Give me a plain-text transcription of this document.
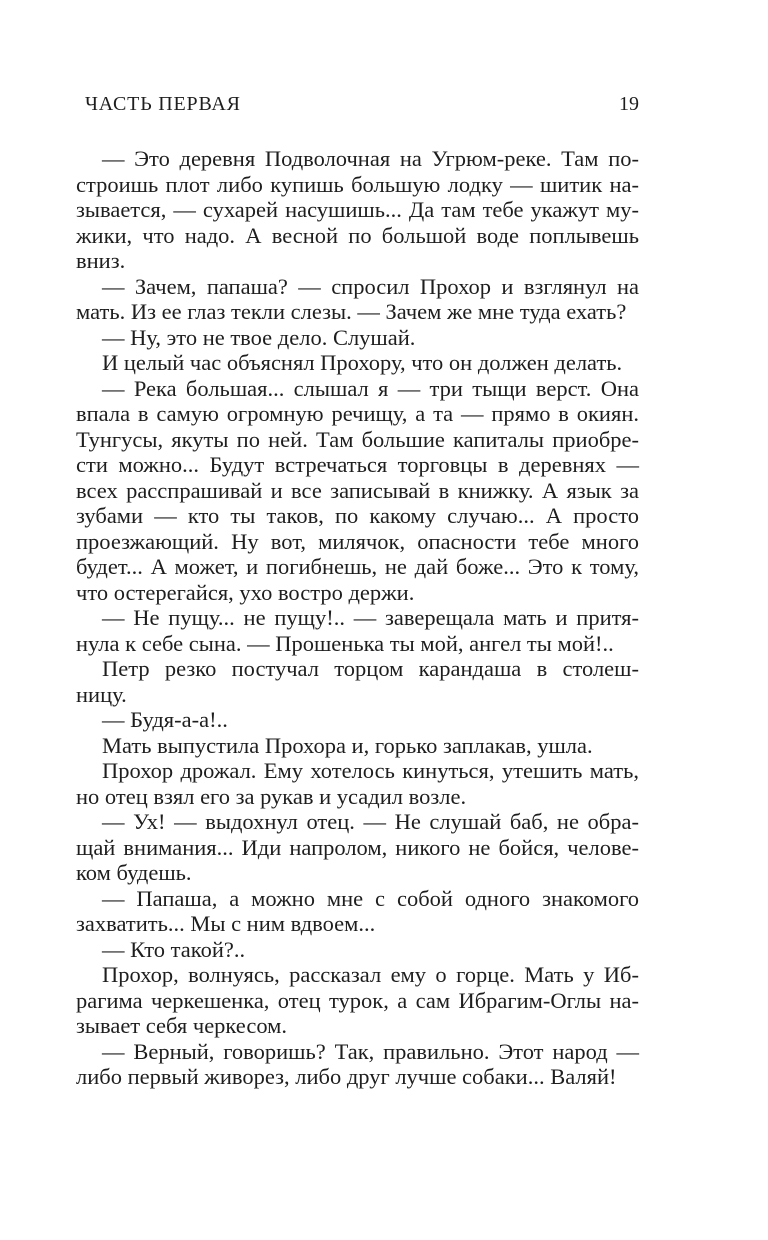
ЧАСТЬ ПЕРВАЯ	19
— Это деревня Подволочная на Угрюм-реке. Там по-
строишь плот либо купишь большую лодку — шитик на-
зывается, — сухарей насушишь... Да там тебе укажут му-
жики, что надо. А весной по большой воде поплывешь
вниз.
— Зачем, папаша? — спросил Прохор и взглянул на
мать. Из ее глаз текли слезы. — Зачем же мне туда ехать?
— Ну, это не твое дело. Слушай.
И целый час объяснял Прохору, что он должен делать.
— Река большая... слышал я — три тыщи верст. Она
впала в самую огромную речищу, а та — прямо в окиян.
Тунгусы, якуты по ней. Там большие капиталы приобре-
сти можно... Будут встречаться торговцы в деревнях —
всех расспрашивай и все записывай в книжку. А язык за
зубами — кто ты таков, по какому случаю... А просто
проезжающий. Ну вот, милячок, опасности тебе много
будет... А может, и погибнешь, не дай боже... Это к тому,
что остерегайся, ухо востро держи.
— Не пущу... не пущу!.. — заверещала мать и притя-
нула к себе сына. — Прошенька ты мой, ангел ты мой!..
Петр резко постучал торцом карандаша в столеш-
ницу.
— Будя-а-а!..
Мать выпустила Прохора и, горько заплакав, ушла.
Прохор дрожал. Ему хотелось кинуться, утешить мать,
но отец взял его за рукав и усадил возле.
— Ух! — выдохнул отец. — Не слушай баб, не обра-
щай внимания... Иди напролом, никого не бойся, челове-
ком будешь.
— Папаша, а можно мне с собой одного знакомого
захватить... Мы с ним вдвоем...
— Кто такой?..
Прохор, волнуясь, рассказал ему о горце. Мать у Иб-
рагима черкешенка, отец турок, а сам Ибрагим-Оглы на-
зывает себя черкесом.
— Верный, говоришь? Так, правильно. Этот народ —
либо первый живорез, либо друг лучше собаки... Валяй!
